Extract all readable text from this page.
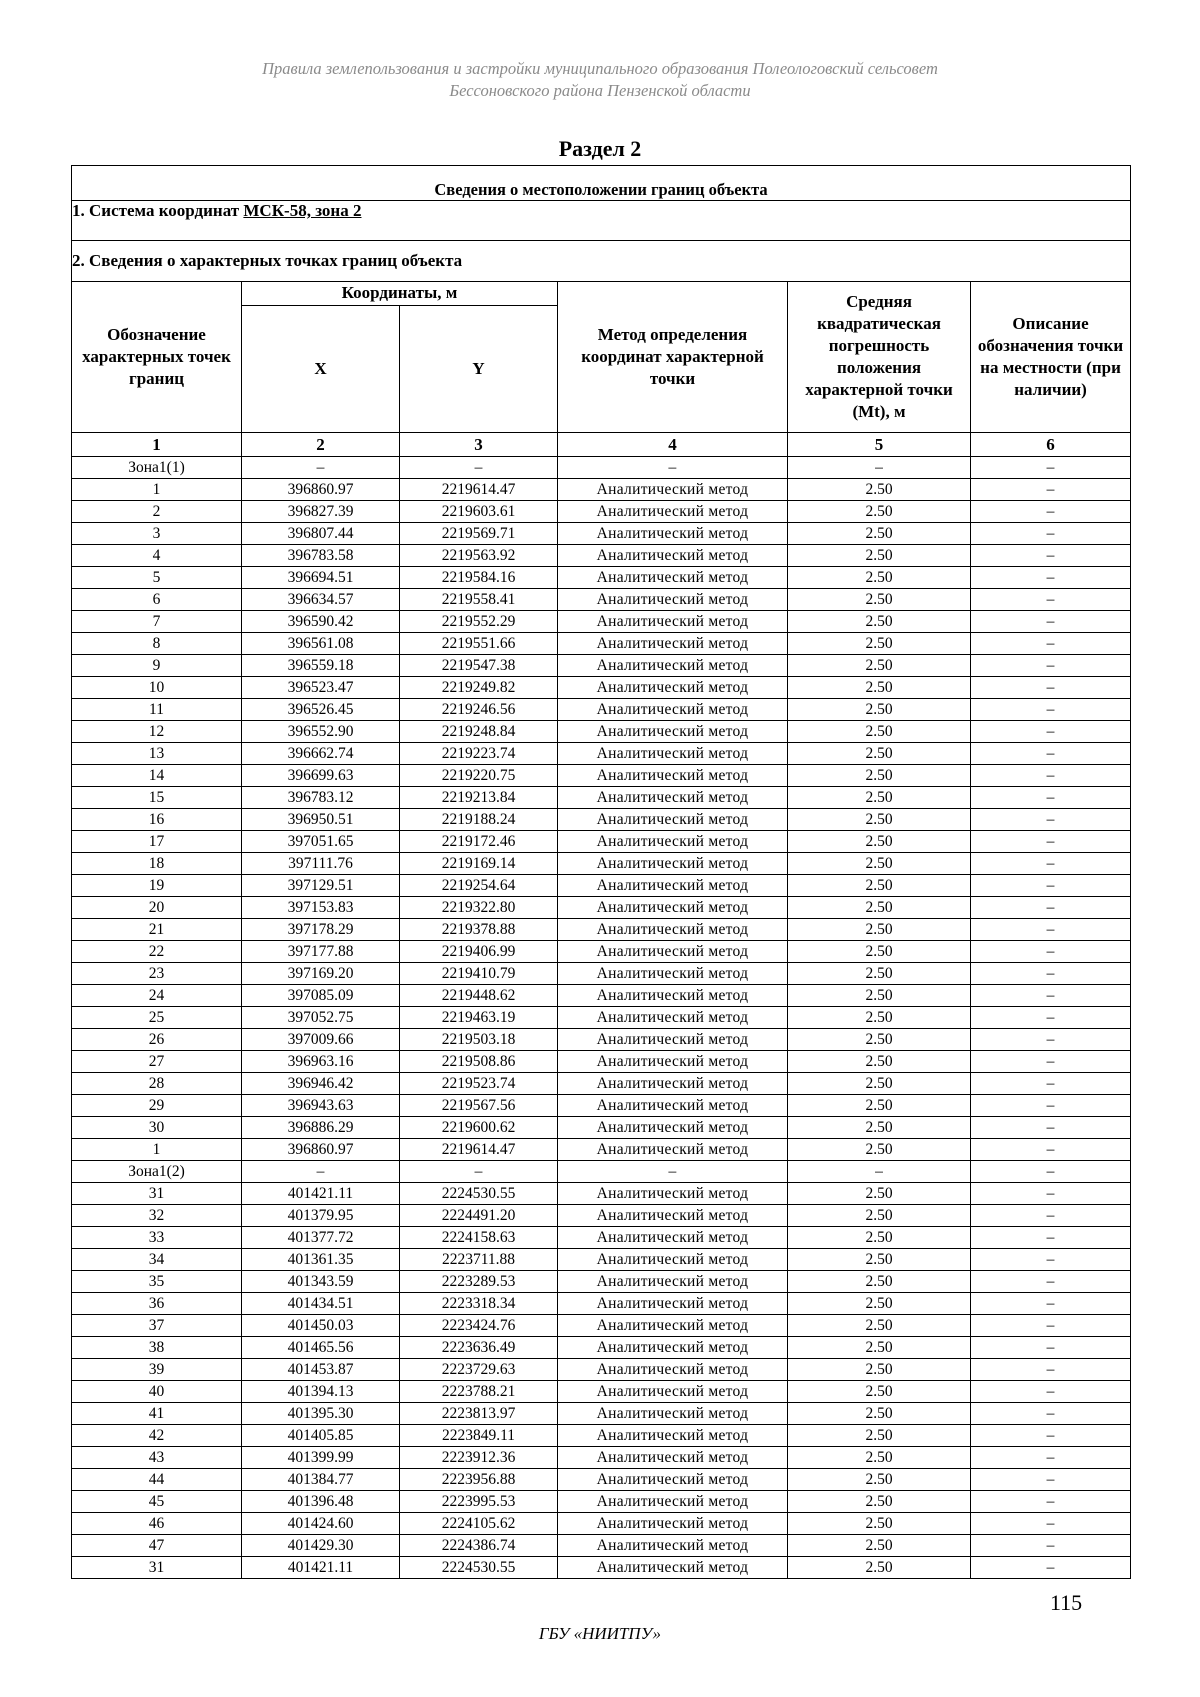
Правила землепользования и застройки муниципального образования Полеологовский сельсовет
Бессоновского района Пензенской области
Раздел 2
Сведения о местоположении границ объекта					
1. Система координат МСК-58, зона 2					
2. Сведения о характерных точках границ объекта					
Обозначение характерных точек границ	Координаты, м		Метод определения координат характерной точки	Средняя квадратическая погрешность положения характерной точки (Mt), м	Описание обозначения точки на местности (при наличии)
	X	Y			
1	2	3	4	5	6
Зона1(1)	–	–	–	–	–
1	396860.97	2219614.47	Аналитический метод	2.50	–
2	396827.39	2219603.61	Аналитический метод	2.50	–
3	396807.44	2219569.71	Аналитический метод	2.50	–
4	396783.58	2219563.92	Аналитический метод	2.50	–
5	396694.51	2219584.16	Аналитический метод	2.50	–
6	396634.57	2219558.41	Аналитический метод	2.50	–
7	396590.42	2219552.29	Аналитический метод	2.50	–
8	396561.08	2219551.66	Аналитический метод	2.50	–
9	396559.18	2219547.38	Аналитический метод	2.50	–
10	396523.47	2219249.82	Аналитический метод	2.50	–
11	396526.45	2219246.56	Аналитический метод	2.50	–
12	396552.90	2219248.84	Аналитический метод	2.50	–
13	396662.74	2219223.74	Аналитический метод	2.50	–
14	396699.63	2219220.75	Аналитический метод	2.50	–
15	396783.12	2219213.84	Аналитический метод	2.50	–
16	396950.51	2219188.24	Аналитический метод	2.50	–
17	397051.65	2219172.46	Аналитический метод	2.50	–
18	397111.76	2219169.14	Аналитический метод	2.50	–
19	397129.51	2219254.64	Аналитический метод	2.50	–
20	397153.83	2219322.80	Аналитический метод	2.50	–
21	397178.29	2219378.88	Аналитический метод	2.50	–
22	397177.88	2219406.99	Аналитический метод	2.50	–
23	397169.20	2219410.79	Аналитический метод	2.50	–
24	397085.09	2219448.62	Аналитический метод	2.50	–
25	397052.75	2219463.19	Аналитический метод	2.50	–
26	397009.66	2219503.18	Аналитический метод	2.50	–
27	396963.16	2219508.86	Аналитический метод	2.50	–
28	396946.42	2219523.74	Аналитический метод	2.50	–
29	396943.63	2219567.56	Аналитический метод	2.50	–
30	396886.29	2219600.62	Аналитический метод	2.50	–
1	396860.97	2219614.47	Аналитический метод	2.50	–
Зона1(2)	–	–	–	–	–
31	401421.11	2224530.55	Аналитический метод	2.50	–
32	401379.95	2224491.20	Аналитический метод	2.50	–
33	401377.72	2224158.63	Аналитический метод	2.50	–
34	401361.35	2223711.88	Аналитический метод	2.50	–
35	401343.59	2223289.53	Аналитический метод	2.50	–
36	401434.51	2223318.34	Аналитический метод	2.50	–
37	401450.03	2223424.76	Аналитический метод	2.50	–
38	401465.56	2223636.49	Аналитический метод	2.50	–
39	401453.87	2223729.63	Аналитический метод	2.50	–
40	401394.13	2223788.21	Аналитический метод	2.50	–
41	401395.30	2223813.97	Аналитический метод	2.50	–
42	401405.85	2223849.11	Аналитический метод	2.50	–
43	401399.99	2223912.36	Аналитический метод	2.50	–
44	401384.77	2223956.88	Аналитический метод	2.50	–
45	401396.48	2223995.53	Аналитический метод	2.50	–
46	401424.60	2224105.62	Аналитический метод	2.50	–
47	401429.30	2224386.74	Аналитический метод	2.50	–
31	401421.11	2224530.55	Аналитический метод	2.50	–
115
ГБУ «НИИТПУ»
